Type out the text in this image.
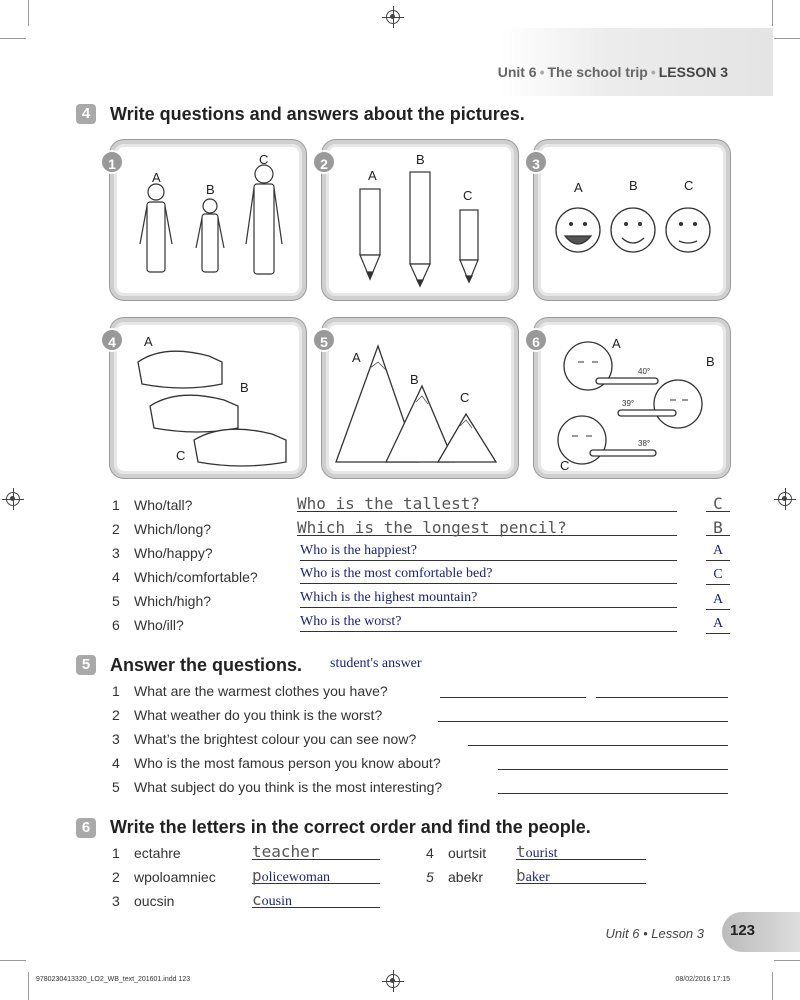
Unit 6 • The school trip • LESSON 3
4	Write questions and answers about the pictures.
A
B
C
1
A
B
C
2
A	B	C
3
A
B
C
4
A
B
C
5
40°
39°
38°
A
B
C
6
1 Who/tall?	Who is the tallest?	C
2 Which/long?	Which is the longest pencil?	B
3 Who/happy?	Who is the happiest?	A
4 Which/comfortable?	Who is the most comfortable bed?	C
5 Which/high?	Which is the highest mountain?	A
6 Who/ill?	Who is the worst?	A
5	Answer the questions. student's answer
1 What are the warmest clothes you have?
2 What weather do you think is the worst?
3 What’s the brightest colour you can see now?
4 Who is the most famous person you know about?
5 What subject do you think is the most interesting?
6	Write the letters in the correct order and find the people.
1 ectahre	teacher
2 wpoloamniec policewoman
3 oucsin	cousin
4 ourtsit tourist
5 abekr baker
Unit 6 • Lesson 3 123
9780230413320_LO2_WB_text_201601.indd 123	08/02/2016 17:15
